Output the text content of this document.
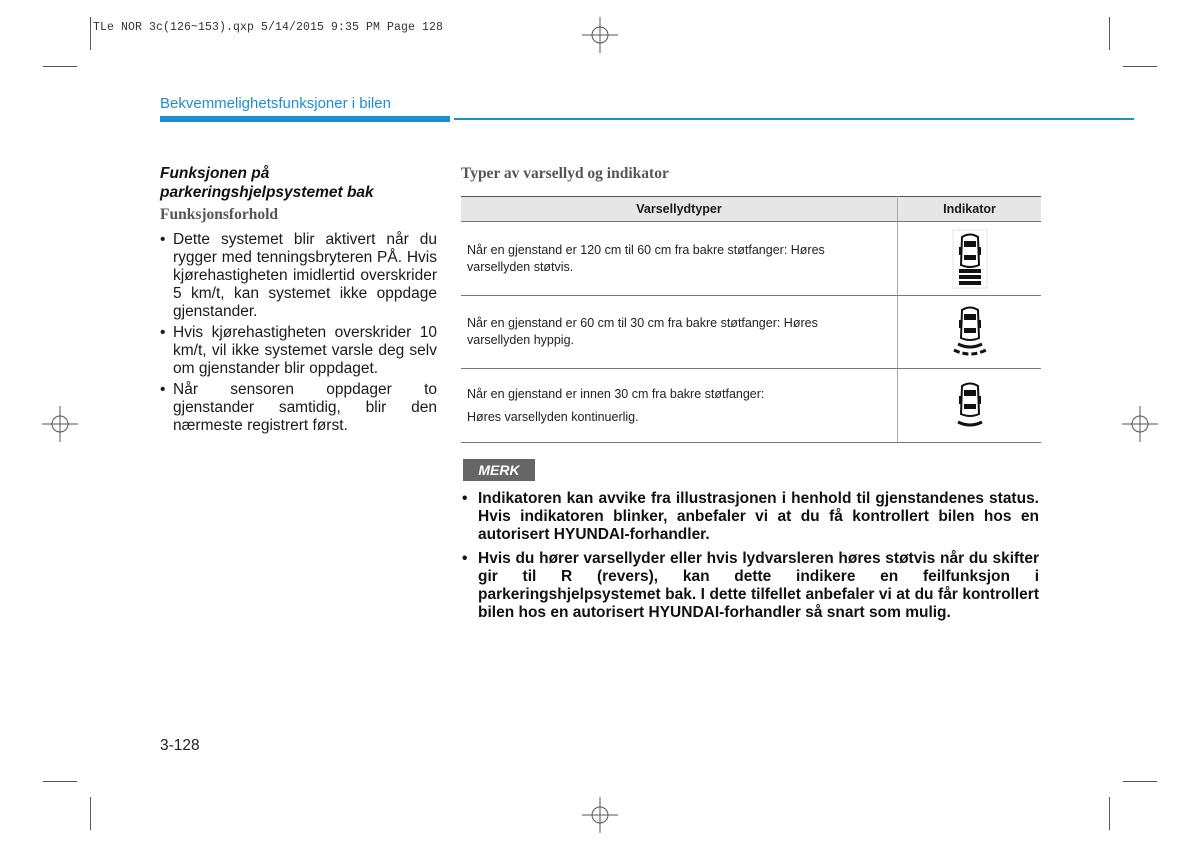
TLe NOR 3c(126~153).qxp 5/14/2015 9:35 PM Page 128
Bekvemmelighetsfunksjoner i bilen
Funksjonen på parkeringshjelpsystemet bak
Funksjonsforhold
• Dette systemet blir aktivert når du rygger med tenningsbryteren PÅ. Hvis kjørehastigheten imidlertid overskrider 5 km/t, kan systemet ikke oppdage gjenstander.
• Hvis kjørehastigheten overskrider 10 km/t, vil ikke systemet varsle deg selv om gjenstander blir oppdaget.
• Når sensoren oppdager to gjenstander samtidig, blir den nærmeste registrert først.
Typer av varsellyd og indikator
Varsellydtyper	Indikator

Når en gjenstand er 120 cm til 60 cm fra bakre støtfanger: Høres
varsellyden støtvis.

Når en gjenstand er 60 cm til 30 cm fra bakre støtfanger: Høres
varsellyden hyppig.

Når en gjenstand er innen 30 cm fra bakre støtfanger:
Høres varsellyden kontinuerlig.

MERK
• Indikatoren kan avvike fra illustrasjonen i henhold til gjenstandenes status. Hvis indikatoren blinker, anbefaler vi at du få kontrollert bilen hos en autorisert HYUNDAI-forhandler.
• Hvis du hører varsellyder eller hvis lydvarsleren høres støtvis når du skifter gir til R (revers), kan dette indikere en feilfunksjon i parkeringshjelpsystemet bak. I dette tilfellet anbefaler vi at du får kontrollert bilen hos en autorisert HYUNDAI-forhandler så snart som mulig.
3-128
